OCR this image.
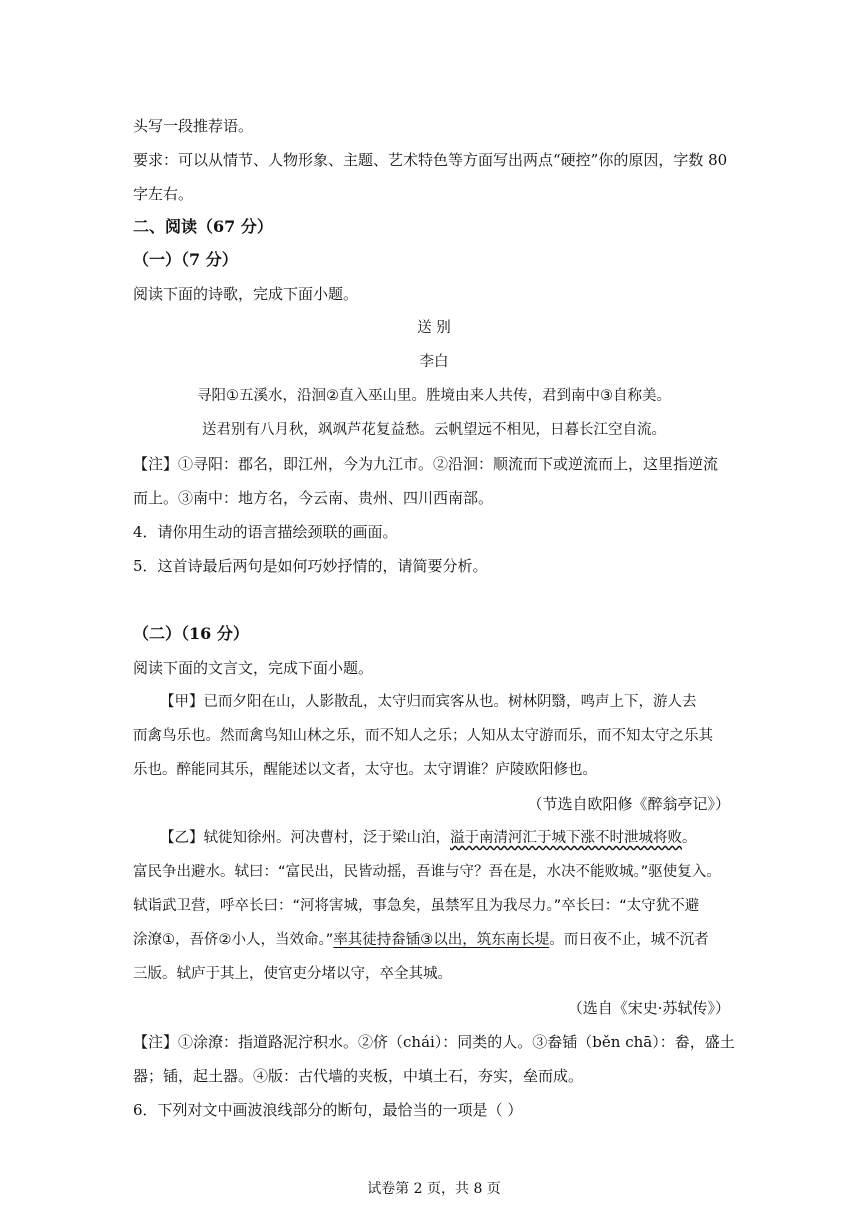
头写一段推荐语。
要求：可以从情节、人物形象、主题、艺术特色等方面写出两点“硬控”你的原因，字数 80
字左右。
二、阅读（67 分）
（一）（7 分）
阅读下面的诗歌，完成下面小题。
送 别
李白
寻阳①五溪水，沿洄②直入巫山里。胜境由来人共传，君到南中③自称美。
送君别有八月秋，飒飒芦花复益愁。云帆望远不相见，日暮长江空自流。
【注】①寻阳：郡名，即江州，今为九江市。②沿洄：顺流而下或逆流而上，这里指逆流
而上。③南中：地方名，今云南、贵州、四川西南部。
4．请你用生动的语言描绘颈联的画面。
5．这首诗最后两句是如何巧妙抒情的，请简要分析。
（二）（16 分）
阅读下面的文言文，完成下面小题。
【甲】已而夕阳在山，人影散乱，太守归而宾客从也。树林阴翳，鸣声上下，游人去
而禽鸟乐也。然而禽鸟知山林之乐，而不知人之乐；人知从太守游而乐，而不知太守之乐其
乐也。醉能同其乐，醒能述以文者，太守也。太守谓谁？庐陵欧阳修也。
（节选自欧阳修《醉翁亭记》）
【乙】轼徙知徐州。河决曹村，泛于梁山泊，溢于南清河汇于城下涨不时泄城将败。
富民争出避水。轼曰：“富民出，民皆动摇，吾谁与守？吾在是，水决不能败城。”驱使复入。
轼诣武卫营，呼卒长曰：“河将害城，事急矣，虽禁军且为我尽力。”卒长曰：“太守犹不避
涂潦①，吾侪②小人，当效命。”率其徒持畚锸③以出，筑东南长堤。而日夜不止，城不沉者
三版。轼庐于其上，使官吏分堵以守，卒全其城。
（选自《宋史·苏轼传》）
【注】①涂潦：指道路泥泞积水。②侪（chái）：同类的人。③畚锸（běn chā）：畚，盛土
器；锸，起土器。④版：古代墙的夹板，中填土石，夯实，垒而成。
6．下列对文中画波浪线部分的断句，最恰当的一项是（ ）
试卷第 2 页，共 8 页
